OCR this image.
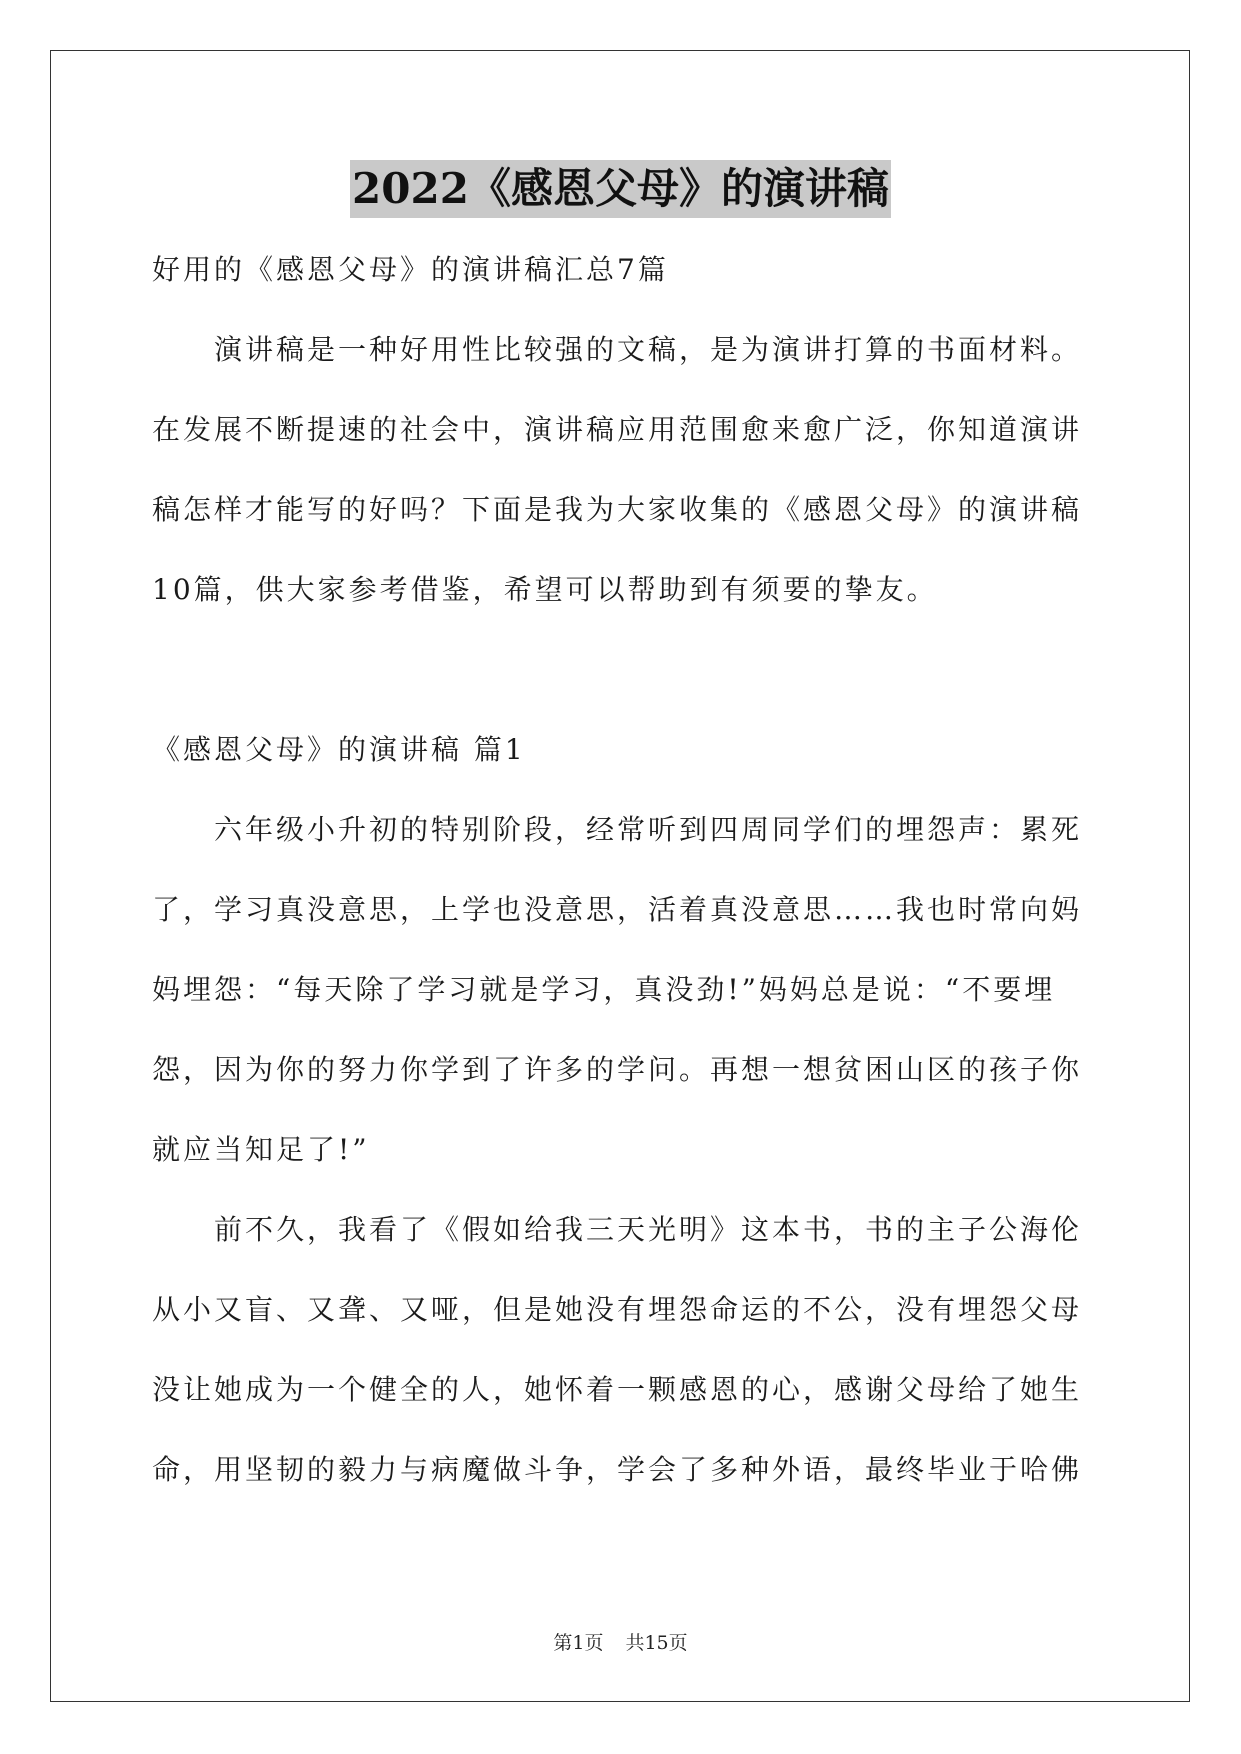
2022《感恩父母》的演讲稿

好用的《感恩父母》的演讲稿汇总7篇

演讲稿是一种好用性比较强的文稿，是为演讲打算的书面材料。在发展不断提速的社会中，演讲稿应用范围愈来愈广泛，你知道演讲稿怎样才能写的好吗？下面是我为大家收集的《感恩父母》的演讲稿10篇，供大家参考借鉴，希望可以帮助到有须要的挚友。

《感恩父母》的演讲稿 篇1

六年级小升初的特别阶段，经常听到四周同学们的埋怨声：累死了，学习真没意思，上学也没意思，活着真没意思……我也时常向妈妈埋怨：“每天除了学习就是学习，真没劲!”妈妈总是说：“不要埋怨，因为你的努力你学到了许多的学问。再想一想贫困山区的孩子你就应当知足了!”

前不久，我看了《假如给我三天光明》这本书，书的主子公海伦从小又盲、又聋、又哑，但是她没有埋怨命运的不公，没有埋怨父母没让她成为一个健全的人，她怀着一颗感恩的心，感谢父母给了她生命，用坚韧的毅力与病魔做斗争，学会了多种外语，最终毕业于哈佛

第1页 共15页
